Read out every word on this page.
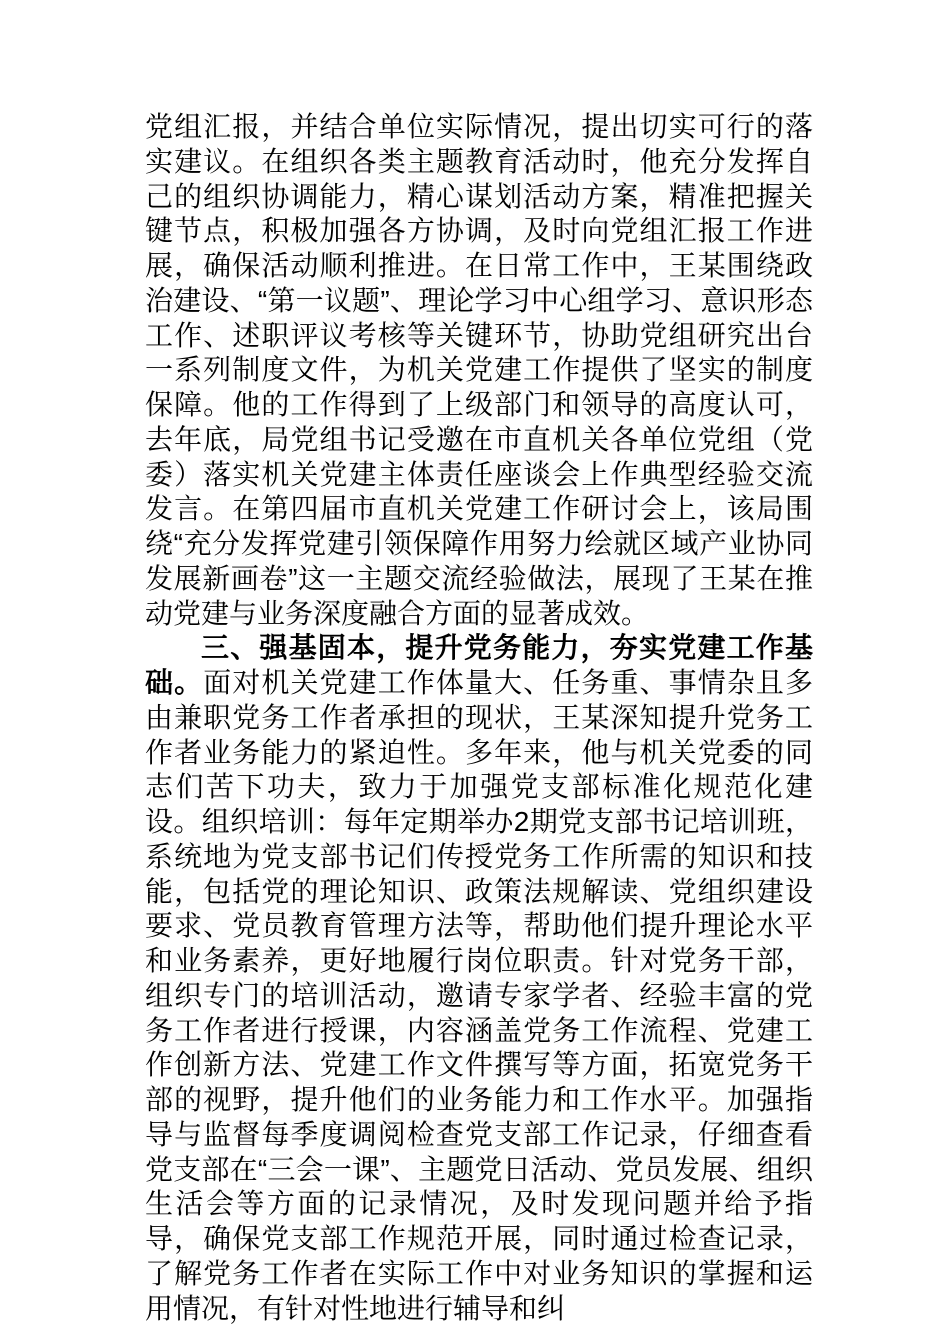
党组汇报，并结合单位实际情况，提出切实可行的落实建议。在组织各类主题教育活动时，他充分发挥自己的组织协调能力，精心谋划活动方案，精准把握关键节点，积极加强各方协调，及时向党组汇报工作进展，确保活动顺利推进。在日常工作中，王某围绕政治建设、“第一议题”、理论学习中心组学习、意识形态工作、述职评议考核等关键环节，协助党组研究出台一系列制度文件，为机关党建工作提供了坚实的制度保障。他的工作得到了上级部门和领导的高度认可，去年底，局党组书记受邀在市直机关各单位党组（党委）落实机关党建主体责任座谈会上作典型经验交流发言。在第四届市直机关党建工作研讨会上，该局围绕“充分发挥党建引领保障作用努力绘就区域产业协同发展新画卷”这一主题交流经验做法，展现了王某在推动党建与业务深度融合方面的显著成效。

三、强基固本，提升党务能力，夯实党建工作基础。面对机关党建工作体量大、任务重、事情杂且多由兼职党务工作者承担的现状，王某深知提升党务工作者业务能力的紧迫性。多年来，他与机关党委的同志们苦下功夫，致力于加强党支部标准化规范化建设。组织培训：每年定期举办2期党支部书记培训班，系统地为党支部书记们传授党务工作所需的知识和技能，包括党的理论知识、政策法规解读、党组织建设要求、党员教育管理方法等，帮助他们提升理论水平和业务素养，更好地履行岗位职责。针对党务干部，组织专门的培训活动，邀请专家学者、经验丰富的党务工作者进行授课，内容涵盖党务工作流程、党建工作创新方法、党建工作文件撰写等方面，拓宽党务干部的视野，提升他们的业务能力和工作水平。加强指导与监督每季度调阅检查党支部工作记录，仔细查看党支部在“三会一课”、主题党日活动、党员发展、组织生活会等方面的记录情况，及时发现问题并给予指导，确保党支部工作规范开展，同时通过检查记录，了解党务工作者在实际工作中对业务知识的掌握和运用情况，有针对性地进行辅导和纠
